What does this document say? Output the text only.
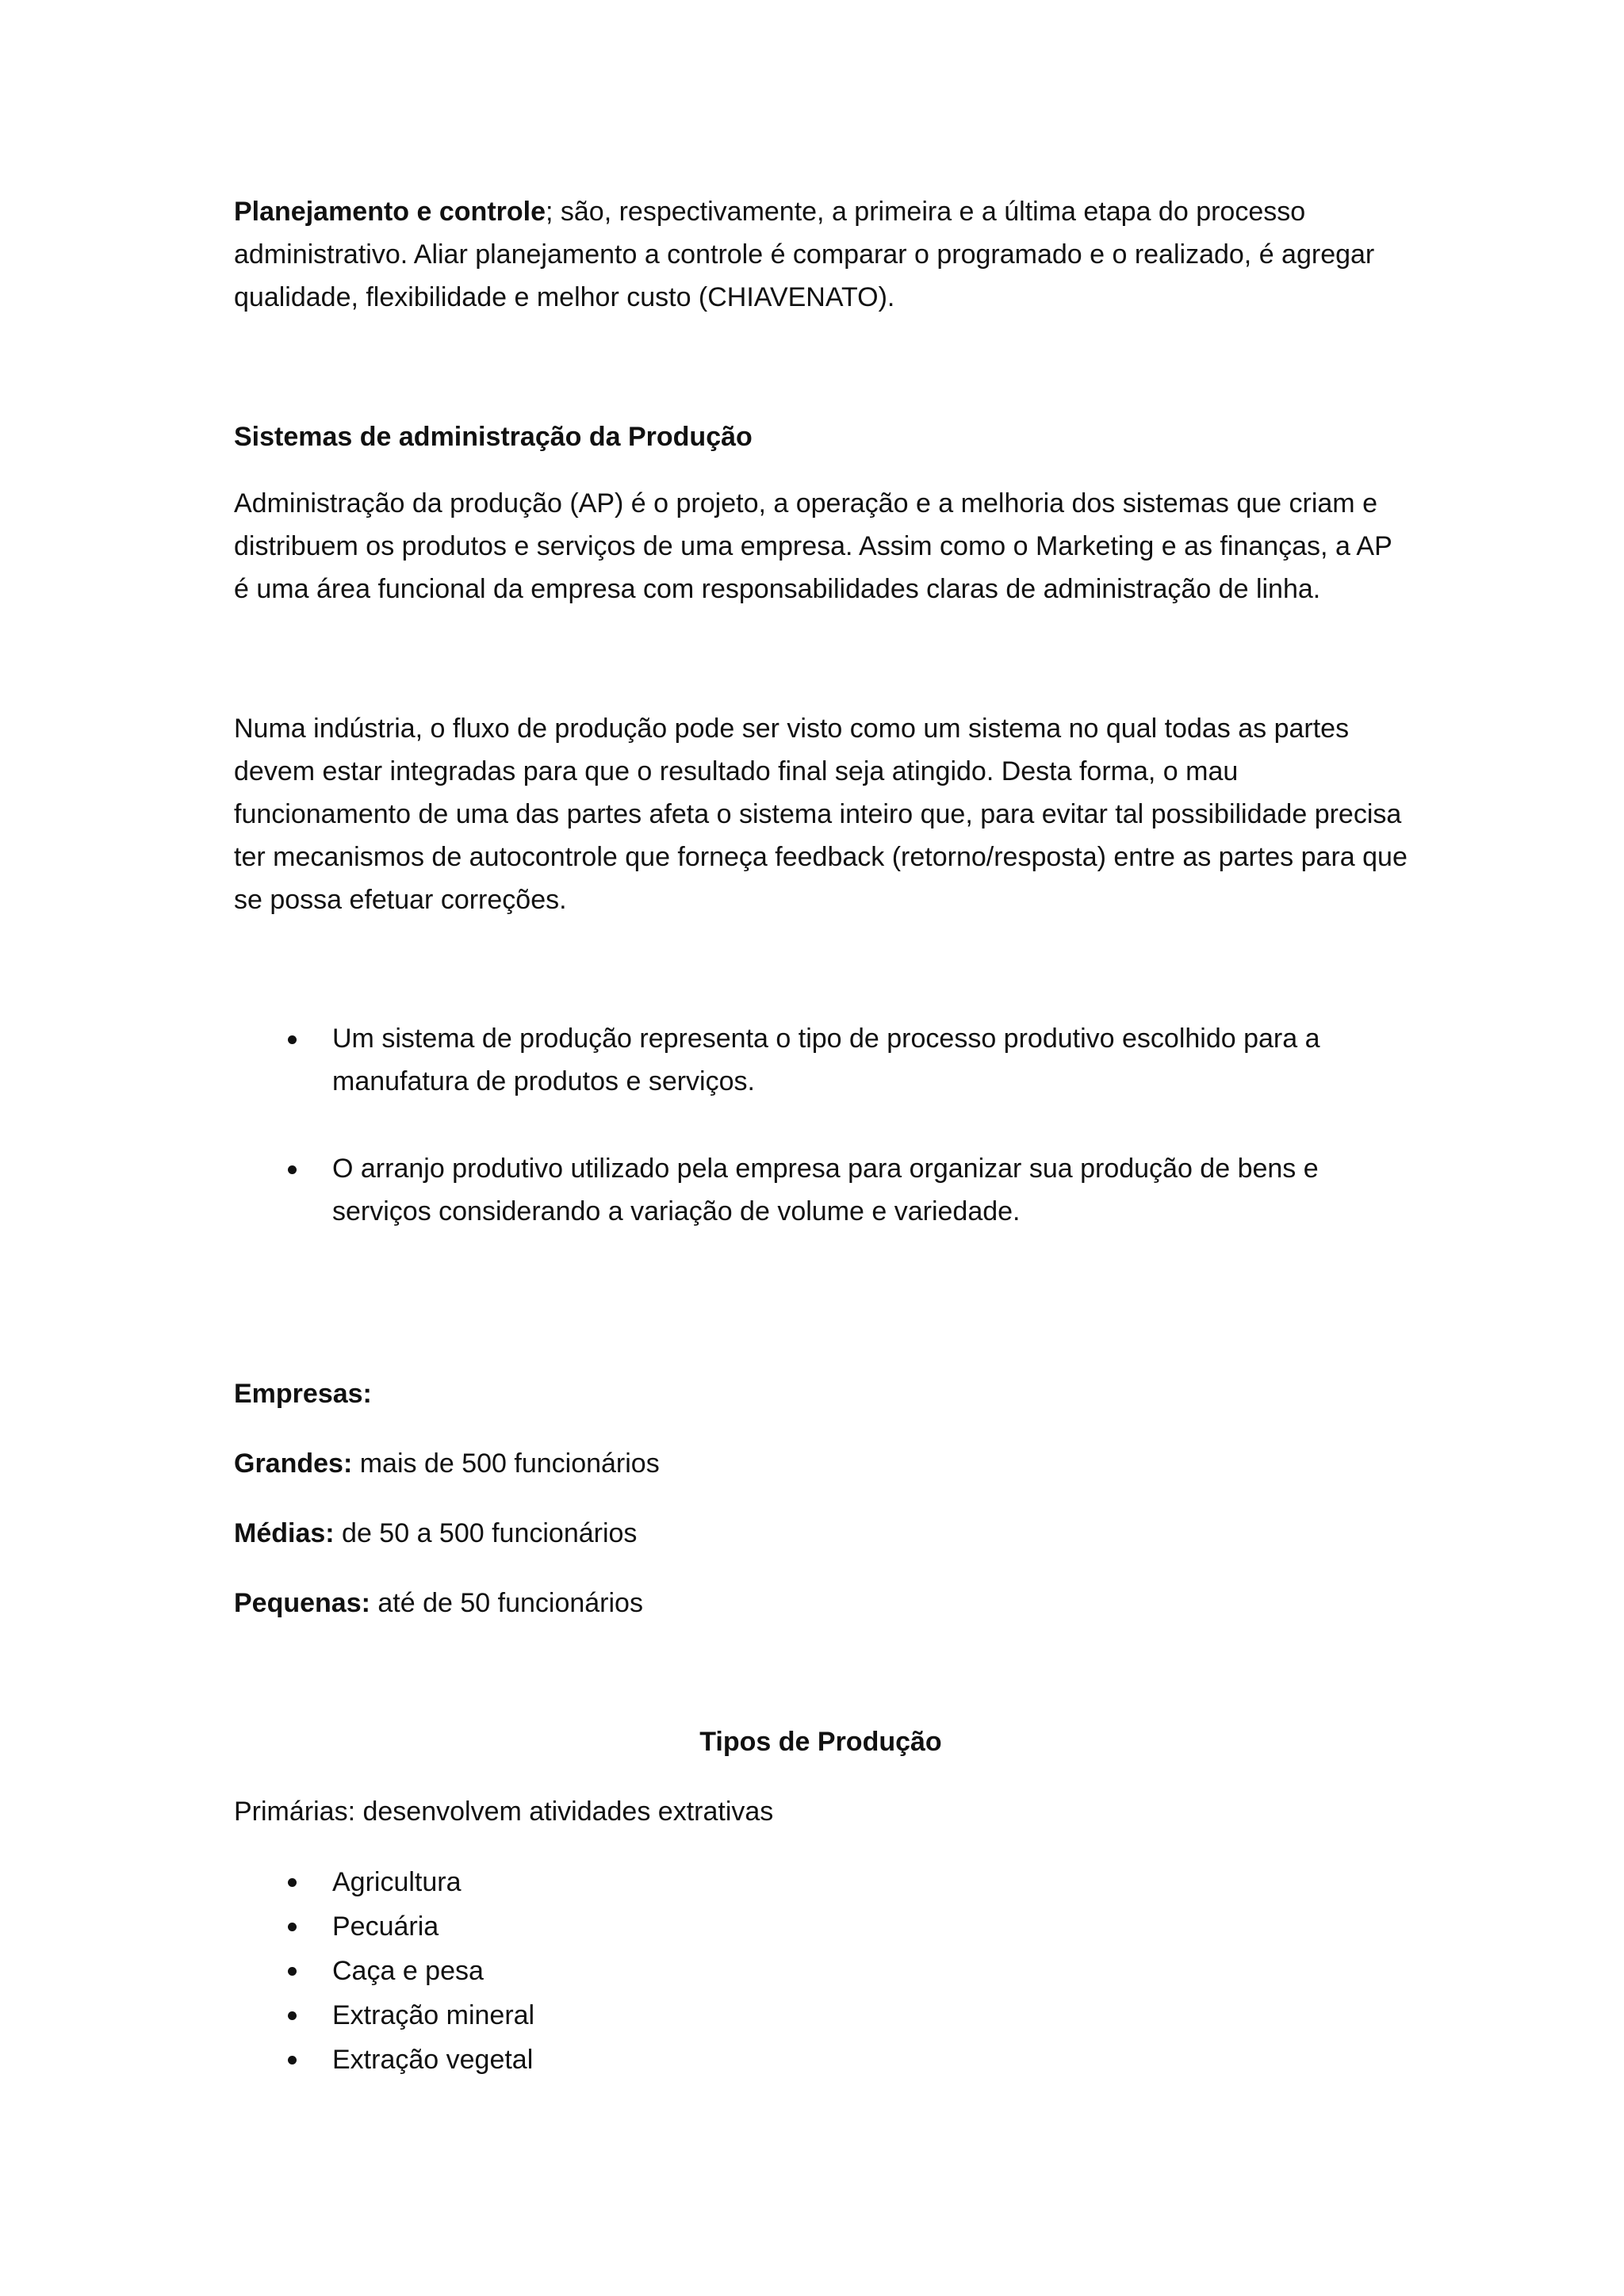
Planejamento e controle; são, respectivamente, a primeira e a última etapa do processo administrativo. Aliar planejamento a controle é comparar o programado e o realizado, é agregar qualidade, flexibilidade e melhor custo (CHIAVENATO).

Sistemas de administração da Produção

Administração da produção (AP) é o projeto, a operação e a melhoria dos sistemas que criam e distribuem os produtos e serviços de uma empresa. Assim como o Marketing e as finanças, a AP é uma área funcional da empresa com responsabilidades claras de administração de linha.

Numa indústria, o fluxo de produção pode ser visto como um sistema no qual todas as partes devem estar integradas para que o resultado final seja atingido. Desta forma, o mau funcionamento de uma das partes afeta o sistema inteiro que, para evitar tal possibilidade precisa ter mecanismos de autocontrole que forneça feedback (retorno/resposta) entre as partes para que se possa efetuar correções.

Um sistema de produção representa o tipo de processo produtivo escolhido para a manufatura de produtos e serviços.
O arranjo produtivo utilizado pela empresa para organizar sua produção de bens e serviços considerando a variação de volume e variedade.

Empresas:

Grandes: mais de 500 funcionários

Médias: de 50 a 500 funcionários

Pequenas: até de 50 funcionários

Tipos de Produção

Primárias: desenvolvem atividades extrativas

Agricultura
Pecuária
Caça e pesa
Extração mineral
Extração vegetal
